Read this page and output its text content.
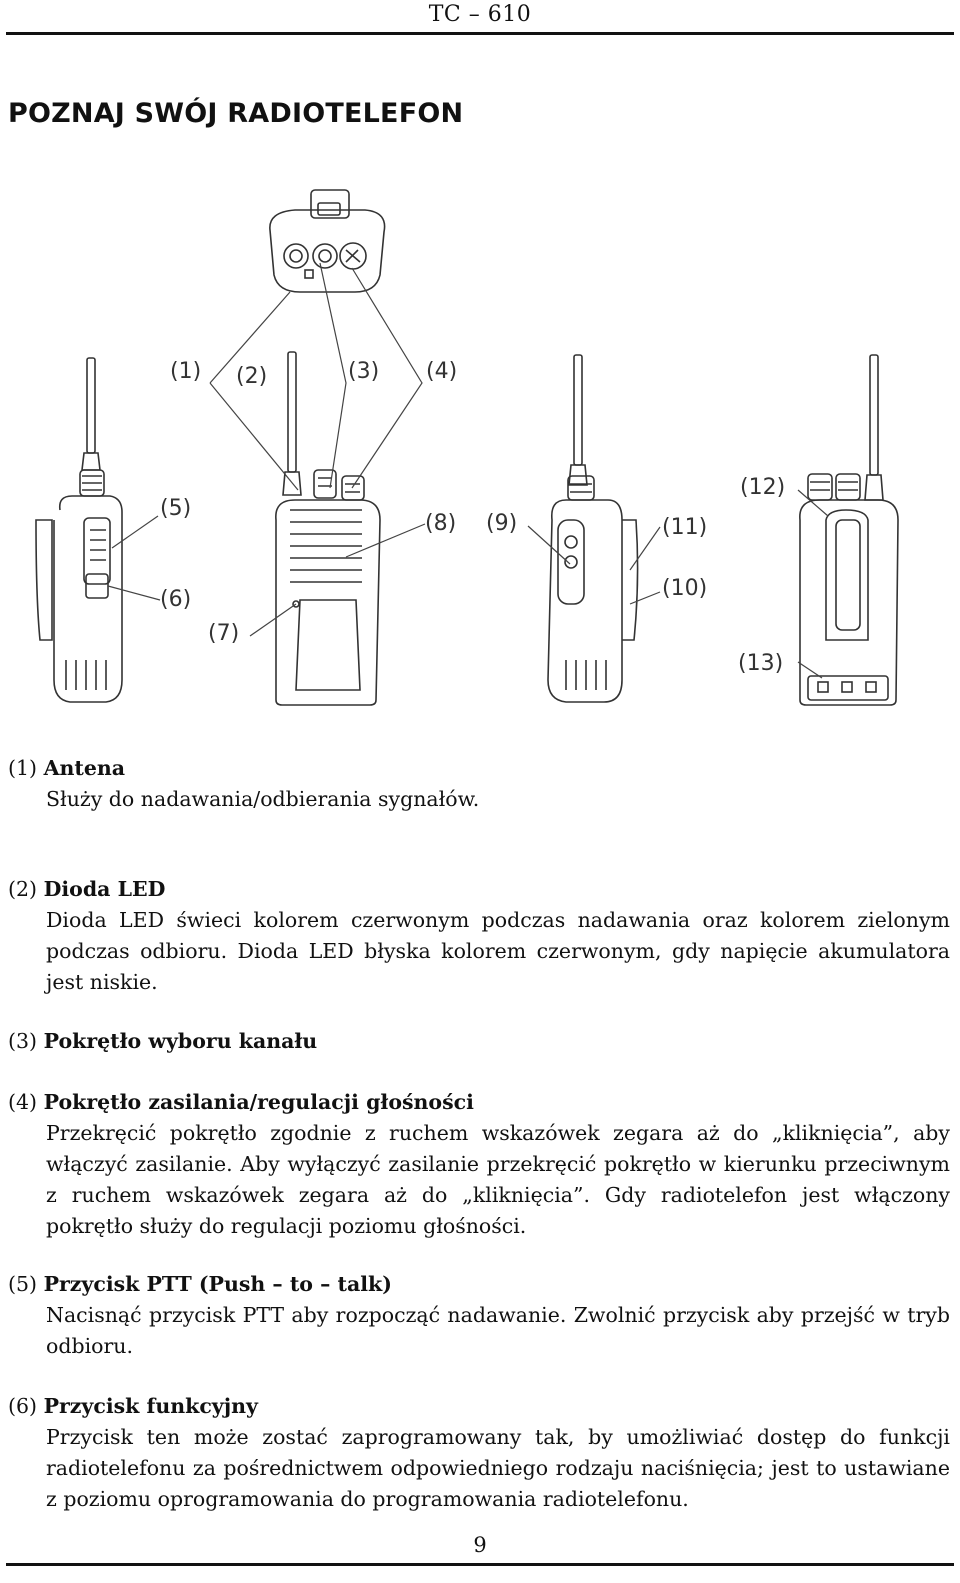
TC – 610
POZNAJ SWÓJ RADIOTELEFON
(1) (2)	(3) (4)
(5)
(6)
(7)
(8) (9)	(11)
(10)
(12)
(13)
(1) Antena
Służy do nadawania/odbierania sygnałów.
(2) Dioda LED
Dioda LED świeci kolorem czerwonym podczas nadawania oraz kolorem zielonym podczas odbioru. Dioda LED błyska kolorem czerwonym, gdy napięcie akumulatora jest niskie.
(3) Pokrętło wyboru kanału
(4) Pokrętło zasilania/regulacji głośności
Przekręcić pokrętło zgodnie z ruchem wskazówek zegara aż do „kliknięcia”, aby włączyć zasilanie. Aby wyłączyć zasilanie przekręcić pokrętło w kierunku przeciwnym z ruchem wskazówek zegara aż do „kliknięcia”. Gdy radiotelefon jest włączony pokrętło służy do regulacji poziomu głośności.
(5) Przycisk PTT (Push – to – talk)
Nacisnąć przycisk PTT aby rozpocząć nadawanie. Zwolnić przycisk aby przejść w tryb odbioru.
(6) Przycisk funkcyjny
Przycisk ten może zostać zaprogramowany tak, by umożliwiać dostęp do funkcji radiotelefonu za pośrednictwem odpowiedniego rodzaju naciśnięcia; jest to ustawiane z poziomu oprogramowania do programowania radiotelefonu.
9
